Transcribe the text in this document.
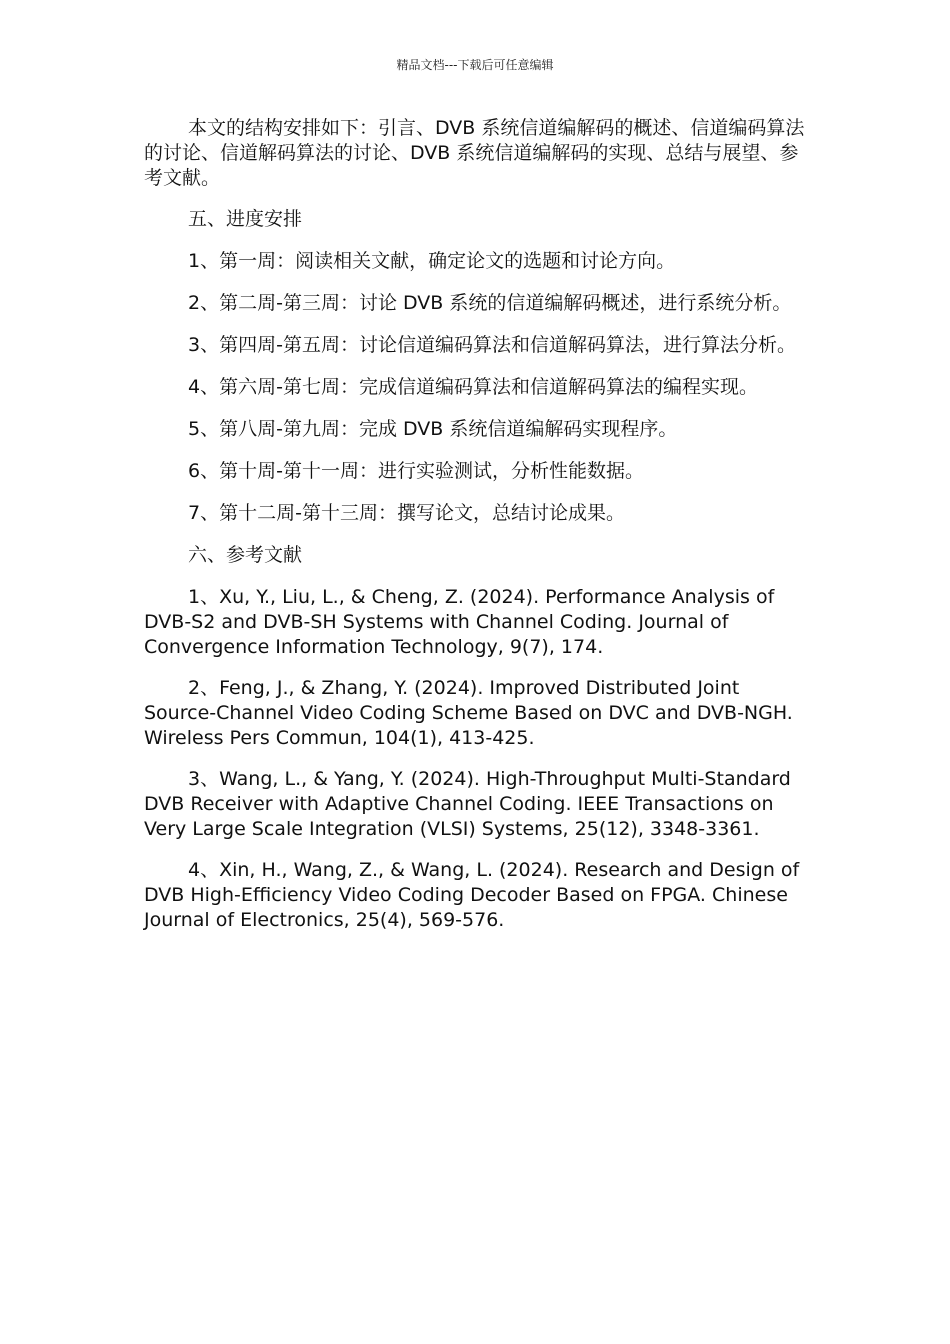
精品文档---下载后可任意编辑

本文的结构安排如下：引言、DVB 系统信道编解码的概述、信道编码算法的讨论、信道解码算法的讨论、DVB 系统信道编解码的实现、总结与展望、参考文献。

五、进度安排

1、第一周：阅读相关文献，确定论文的选题和讨论方向。

2、第二周-第三周：讨论 DVB 系统的信道编解码概述，进行系统分析。

3、第四周-第五周：讨论信道编码算法和信道解码算法，进行算法分析。

4、第六周-第七周：完成信道编码算法和信道解码算法的编程实现。

5、第八周-第九周：完成 DVB 系统信道编解码实现程序。

6、第十周-第十一周：进行实验测试，分析性能数据。

7、第十二周-第十三周：撰写论文，总结讨论成果。

六、参考文献

1、Xu, Y., Liu, L., & Cheng, Z. (2024). Performance Analysis of DVB-S2 and DVB-SH Systems with Channel Coding. Journal of Convergence Information Technology, 9(7), 174.

2、Feng, J., & Zhang, Y. (2024). Improved Distributed Joint Source-Channel Video Coding Scheme Based on DVC and DVB-NGH. Wireless Pers Commun, 104(1), 413-425.

3、Wang, L., & Yang, Y. (2024). High-Throughput Multi-Standard DVB Receiver with Adaptive Channel Coding. IEEE Transactions on Very Large Scale Integration (VLSI) Systems, 25(12), 3348-3361.

4、Xin, H., Wang, Z., & Wang, L. (2024). Research and Design of DVB High-Efficiency Video Coding Decoder Based on FPGA. Chinese Journal of Electronics, 25(4), 569-576.
